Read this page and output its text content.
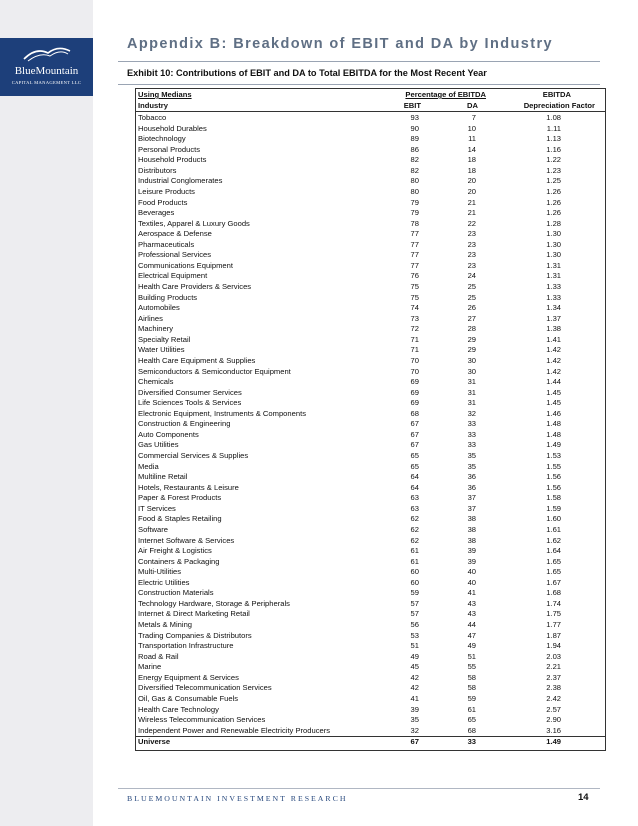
BlueMountain
CAPITAL MANAGEMENT LLC
Appendix B: Breakdown of EBIT and DA by Industry
Exhibit 10: Contributions of EBIT and DA to Total EBITDA for the Most Recent Year
Using Medians	Percentage of EBITDA		EBITDA
Industry	EBIT	DA	Depreciation Factor
Tobacco	93	7	1.08
Household Durables	90	10	1.11
Biotechnology	89	11	1.13
Personal Products	86	14	1.16
Household Products	82	18	1.22
Distributors	82	18	1.23
Industrial Conglomerates	80	20	1.25
Leisure Products	80	20	1.26
Food Products	79	21	1.26
Beverages	79	21	1.26
Textiles, Apparel & Luxury Goods	78	22	1.28
Aerospace & Defense	77	23	1.30
Pharmaceuticals	77	23	1.30
Professional Services	77	23	1.30
Communications Equipment	77	23	1.31
Electrical Equipment	76	24	1.31
Health Care Providers & Services	75	25	1.33
Building Products	75	25	1.33
Automobiles	74	26	1.34
Airlines	73	27	1.37
Machinery	72	28	1.38
Specialty Retail	71	29	1.41
Water Utilities	71	29	1.42
Health Care Equipment & Supplies	70	30	1.42
Semiconductors & Semiconductor Equipment	70	30	1.42
Chemicals	69	31	1.44
Diversified Consumer Services	69	31	1.45
Life Sciences Tools & Services	69	31	1.45
Electronic Equipment, Instruments & Components	68	32	1.46
Construction & Engineering	67	33	1.48
Auto Components	67	33	1.48
Gas Utilities	67	33	1.49
Commercial Services & Supplies	65	35	1.53
Media	65	35	1.55
Multiline Retail	64	36	1.56
Hotels, Restaurants & Leisure	64	36	1.56
Paper & Forest Products	63	37	1.58
IT Services	63	37	1.59
Food & Staples Retailing	62	38	1.60
Software	62	38	1.61
Internet Software & Services	62	38	1.62
Air Freight & Logistics	61	39	1.64
Containers & Packaging	61	39	1.65
Multi-Utilities	60	40	1.65
Electric Utilities	60	40	1.67
Construction Materials	59	41	1.68
Technology Hardware, Storage & Peripherals	57	43	1.74
Internet & Direct Marketing Retail	57	43	1.75
Metals & Mining	56	44	1.77
Trading Companies & Distributors	53	47	1.87
Transportation Infrastructure	51	49	1.94
Road & Rail	49	51	2.03
Marine	45	55	2.21
Energy Equipment & Services	42	58	2.37
Diversified Telecommunication Services	42	58	2.38
Oil, Gas & Consumable Fuels	41	59	2.42
Health Care Technology	39	61	2.57
Wireless Telecommunication Services	35	65	2.90
Independent Power and Renewable Electricity Producers	32	68	3.16
Universe	67	33	1.49
BLUEMOUNTAIN INVESTMENT RESEARCH	14
